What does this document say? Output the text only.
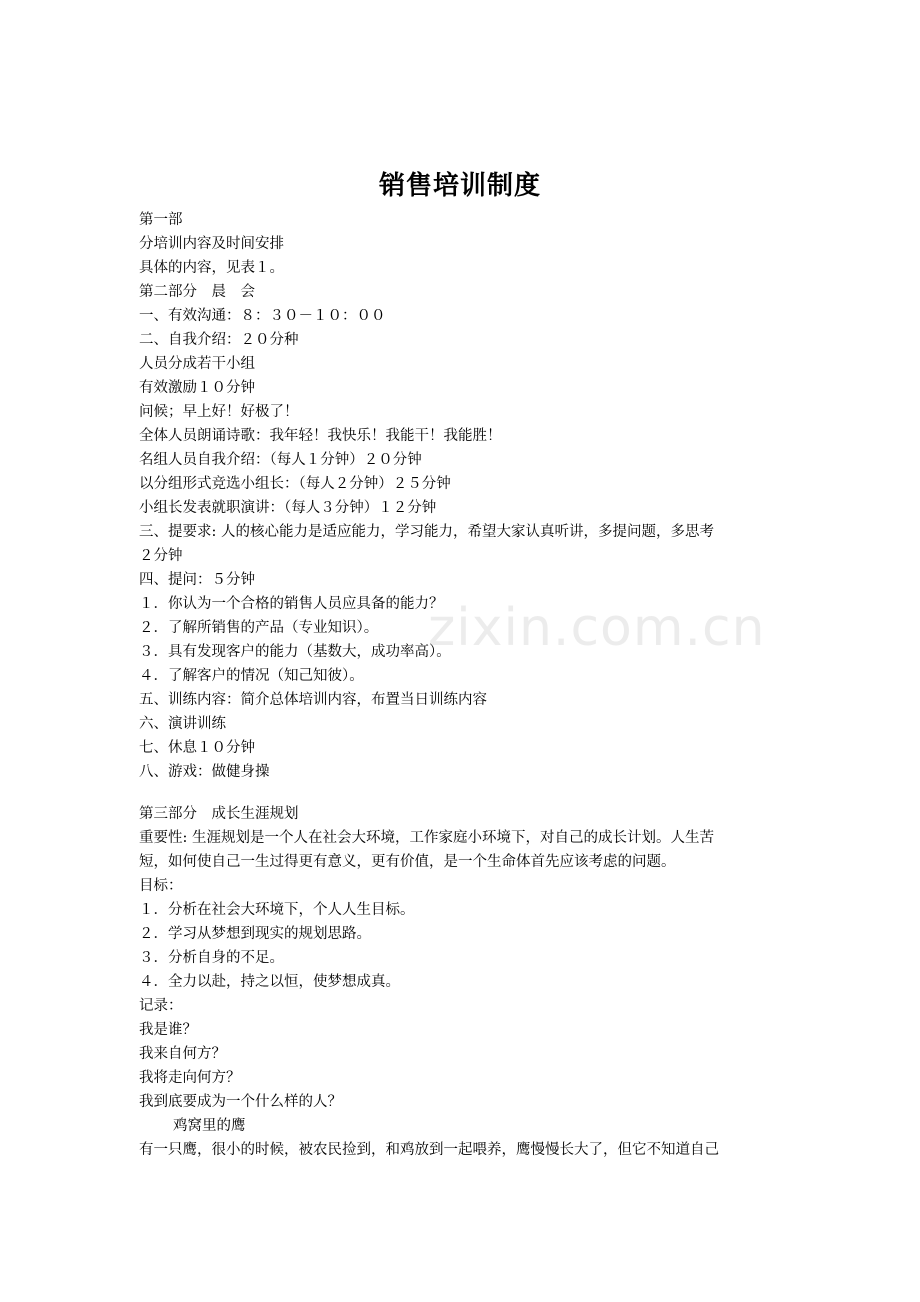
zixin.com.cn
销售培训制度
第一部
分培训内容及时间安排
具体的内容，见表１。
第二部分　晨　会
一、有效沟通：８：３０－１０：００
二、自我介绍：２０分种
人员分成若干小组
有效激励１０分钟
问候；早上好！好极了！
全体人员朗诵诗歌：我年轻！我快乐！我能干！我能胜！
名组人员自我介绍：（每人１分钟）２０分钟
以分组形式竞选小组长：（每人２分钟）２５分钟
小组长发表就职演讲：（每人３分钟）１２分钟
三、提要求: 人的核心能力是适应能力，学习能力，希望大家认真听讲，多提问题，多思考
２分钟
四、提问：５分钟
１．你认为一个合格的销售人员应具备的能力？
２．了解所销售的产品（专业知识）。
３．具有发现客户的能力（基数大，成功率高）。
４．了解客户的情况（知己知彼）。
五、训练内容：简介总体培训内容，布置当日训练内容
六、演讲训练
七、休息１０分钟
八、游戏：做健身操
第三部分　成长生涯规划
重要性: 生涯规划是一个人在社会大环境，工作家庭小环境下，对自己的成长计划。人生苦
短，如何使自己一生过得更有意义，更有价值，是一个生命体首先应该考虑的问题。
目标：
１．分析在社会大环境下，个人人生目标。
２．学习从梦想到现实的规划思路。
３．分析自身的不足。
４．全力以赴，持之以恒，使梦想成真。
记录：
我是谁？
我来自何方？
我将走向何方？
我到底要成为一个什么样的人？
鸡窝里的鹰
有一只鹰，很小的时候，被农民捡到，和鸡放到一起喂养，鹰慢慢长大了，但它不知道自己
